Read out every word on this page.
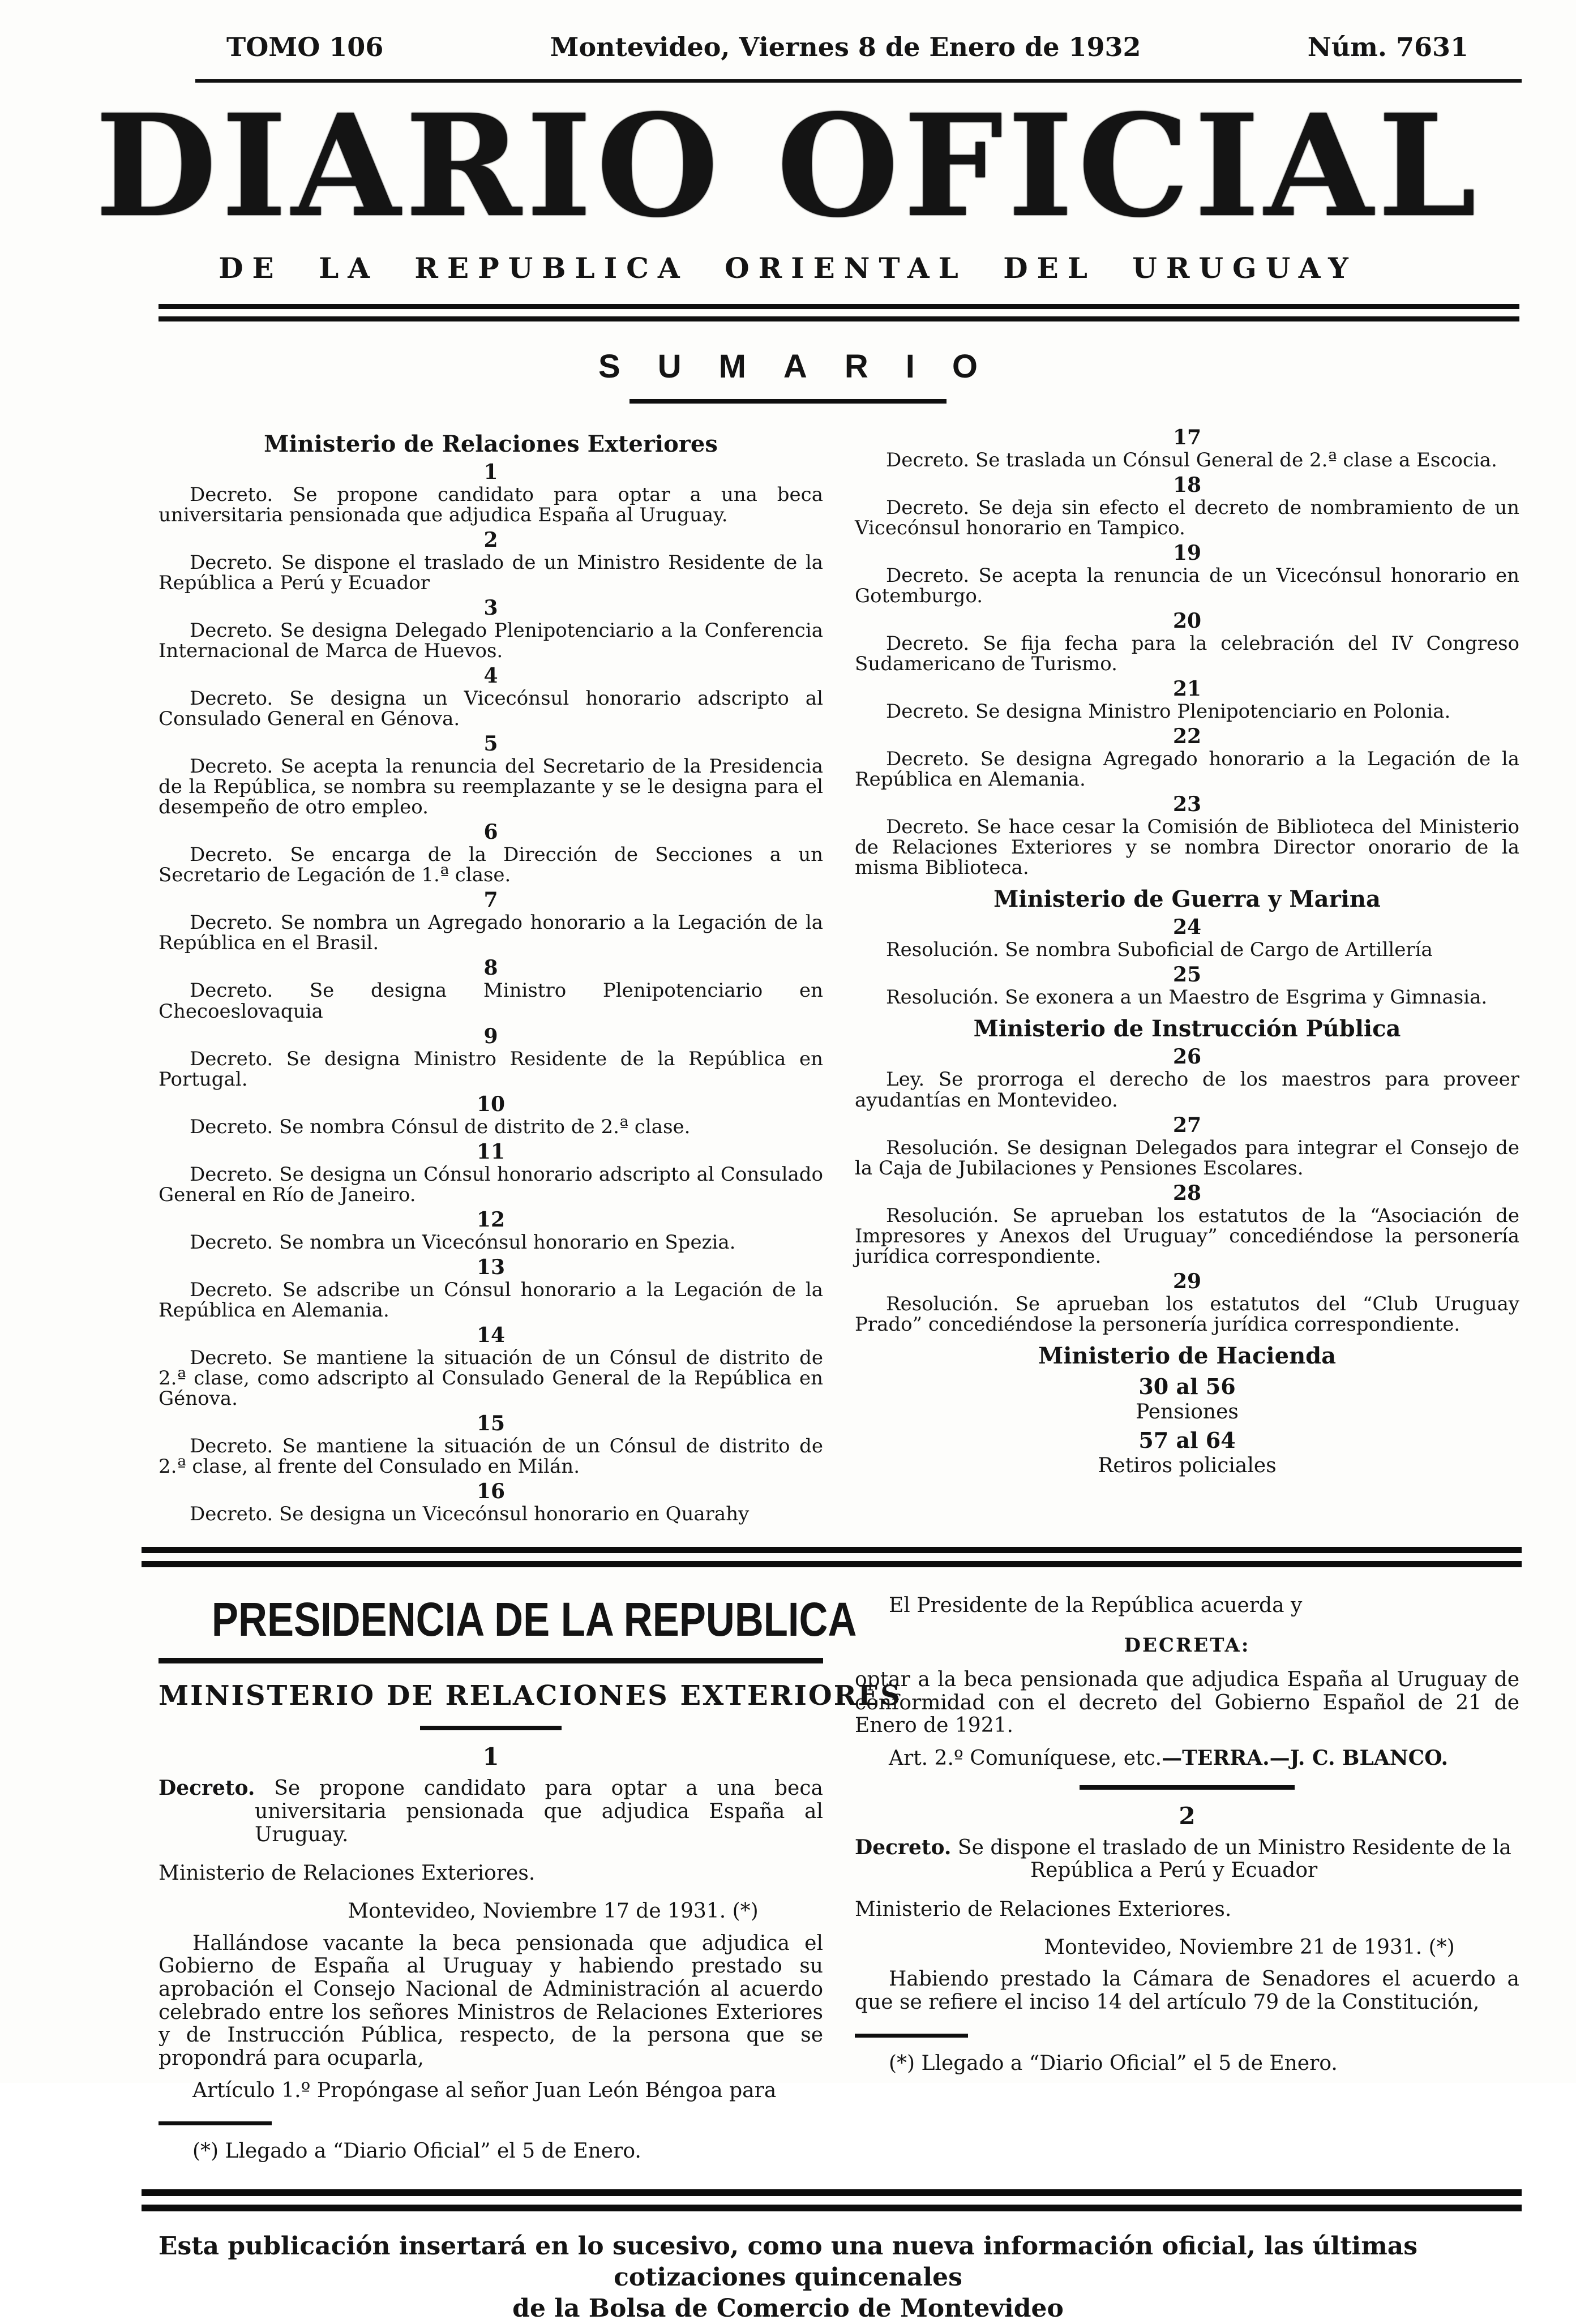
TOMO 106	Montevideo, Viernes 8 de Enero de 1932	Núm. 7631
DIARIO OFICIAL
DE LA REPUBLICA ORIENTAL DEL URUGUAY
SUMARIO
Ministerio de Relaciones Exteriores
1
Decreto. Se propone candidato para optar a una beca universitaria pensionada que adjudica España al Uruguay.
2
Decreto. Se dispone el traslado de un Ministro Residente de la República a Perú y Ecuador
3
Decreto. Se designa Delegado Plenipotenciario a la Conferencia Internacional de Marca de Huevos.
4
Decreto. Se designa un Vicecónsul honorario adscripto al Consulado General en Génova.
5
Decreto. Se acepta la renuncia del Secretario de la Presidencia de la República, se nombra su reemplazante y se le designa para el desempeño de otro empleo.
6
Decreto. Se encarga de la Dirección de Secciones a un Secretario de Legación de 1.ª clase.
7
Decreto. Se nombra un Agregado honorario a la Legación de la República en el Brasil.
8
Decreto. Se designa Ministro Plenipotenciario en Checoeslovaquia
9
Decreto. Se designa Ministro Residente de la República en Portugal.
10
Decreto. Se nombra Cónsul de distrito de 2.ª clase.
11
Decreto. Se designa un Cónsul honorario adscripto al Consulado General en Río de Janeiro.
12
Decreto. Se nombra un Vicecónsul honorario en Spezia.
13
Decreto. Se adscribe un Cónsul honorario a la Legación de la República en Alemania.
14
Decreto. Se mantiene la situación de un Cónsul de distrito de 2.ª clase, como adscripto al Consulado General de la República en Génova.
15
Decreto. Se mantiene la situación de un Cónsul de distrito de 2.ª clase, al frente del Consulado en Milán.
16
Decreto. Se designa un Vicecónsul honorario en Quarahy
17
Decreto. Se traslada un Cónsul General de 2.ª clase a Escocia.
18
Decreto. Se deja sin efecto el decreto de nombramiento de un Vicecónsul honorario en Tampico.
19
Decreto. Se acepta la renuncia de un Vicecónsul honorario en Gotemburgo.
20
Decreto. Se fija fecha para la celebración del IV Congreso Sudamericano de Turismo.
21
Decreto. Se designa Ministro Plenipotenciario en Polonia.
22
Decreto. Se designa Agregado honorario a la Legación de la República en Alemania.
23
Decreto. Se hace cesar la Comisión de Biblioteca del Ministerio de Relaciones Exteriores y se nombra Director onorario de la misma Biblioteca.
Ministerio de Guerra y Marina
24
Resolución. Se nombra Suboficial de Cargo de Artillería
25
Resolución. Se exonera a un Maestro de Esgrima y Gimnasia.
Ministerio de Instrucción Pública
26
Ley. Se prorroga el derecho de los maestros para proveer ayudantías en Montevideo.
27
Resolución. Se designan Delegados para integrar el Consejo de la Caja de Jubilaciones y Pensiones Escolares.
28
Resolución. Se aprueban los estatutos de la “Asociación de Impresores y Anexos del Uruguay” concediéndose la personería jurídica correspondiente.
29
Resolución. Se aprueban los estatutos del “Club Uruguay Prado” concediéndose la personería jurídica correspondiente.
Ministerio de Hacienda
30 al 56
Pensiones
57 al 64
Retiros policiales
PRESIDENCIA DE LA REPUBLICA
MINISTERIO DE RELACIONES EXTERIORES
1

Decreto. Se propone candidato para optar a una beca universitaria pensionada que adjudica España al Uruguay.

Ministerio de Relaciones Exteriores.

Montevideo, Noviembre 17 de 1931. (*)

Hallándose vacante la beca pensionada que adjudica el Gobierno de España al Uruguay y habiendo prestado su aprobación el Consejo Nacional de Administración al acuerdo celebrado entre los señores Ministros de Relaciones Exteriores y de Instrucción Pública, respecto, de la persona que se propondrá para ocuparla,

Artículo 1.º Propóngase al señor Juan León Béngoa para

(*) Llegado a “Diario Oficial” el 5 de Enero.

El Presidente de la República acuerda y

DECRETA:

optar a la beca pensionada que adjudica España al Uruguay de conformidad con el decreto del Gobierno Español de 21 de Enero de 1921.

Art. 2.º Comuníquese, etc.—TERRA.—J. C. BLANCO.

2

Decreto. Se dispone el traslado de un Ministro Residente de la República a Perú y Ecuador

Ministerio de Relaciones Exteriores.

Montevideo, Noviembre 21 de 1931. (*)

Habiendo prestado la Cámara de Senadores el acuerdo a que se refiere el inciso 14 del artículo 79 de la Constitución,

(*) Llegado a “Diario Oficial” el 5 de Enero.

Esta publicación insertará en lo sucesivo, como una nueva información oficial, las últimas cotizaciones quincenales
de la Bolsa de Comercio de Montevideo
